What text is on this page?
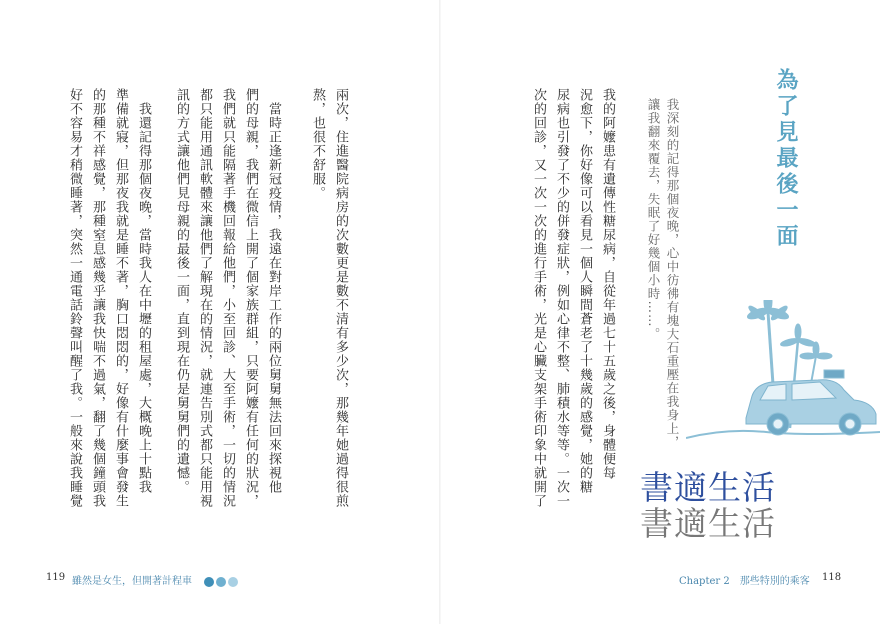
為了見最後一面
我深刻的記得那個夜晚，心中彷彿有塊大石重壓在我身上，
讓我翻來覆去，失眠了好幾個小時……。
我的阿嬤患有遺傳性糖尿病，自從年過七十五歲之後，身體便每
況愈下，你好像可以看見一個人瞬間蒼老了十幾歲的感覺，她的糖
尿病也引發了不少的併發症狀，例如心律不整、肺積水等等。一次一
次的回診，又一次一次的進行手術，光是心臟支架手術印象中就開了	書適生活
書適生活
Chapter 2　那些特別的乘客 118
兩次，住進醫院病房的次數更是數不清有多少次，那幾年她過得很煎
熬，也很不舒服。
　當時正逢新冠疫情，我遠在對岸工作的兩位舅舅無法回來探視他
們的母親，我們在微信上開了個家族群組，只要阿嬤有任何的狀況，
我們就只能隔著手機回報給他們，小至回診、大至手術，一切的情況
都只能用通訊軟體來讓他們了解現在的情況，就連告別式都只能用視
訊的方式讓他們見母親的最後一面，直到現在仍是舅舅們的遺憾。
　我還記得那個夜晚，當時我人在中壢的租屋處，大概晚上十點我
準備就寢，但那夜我就是睡不著，胸口悶悶的，好像有什麼事會發生
的那種不祥感覺，那種窒息感幾乎讓我快喘不過氣，翻了幾個鐘頭我
好不容易才稍微睡著，突然一通電話鈴聲叫醒了我。一般來說我睡覺
119 雖然是女生，但開著計程車
